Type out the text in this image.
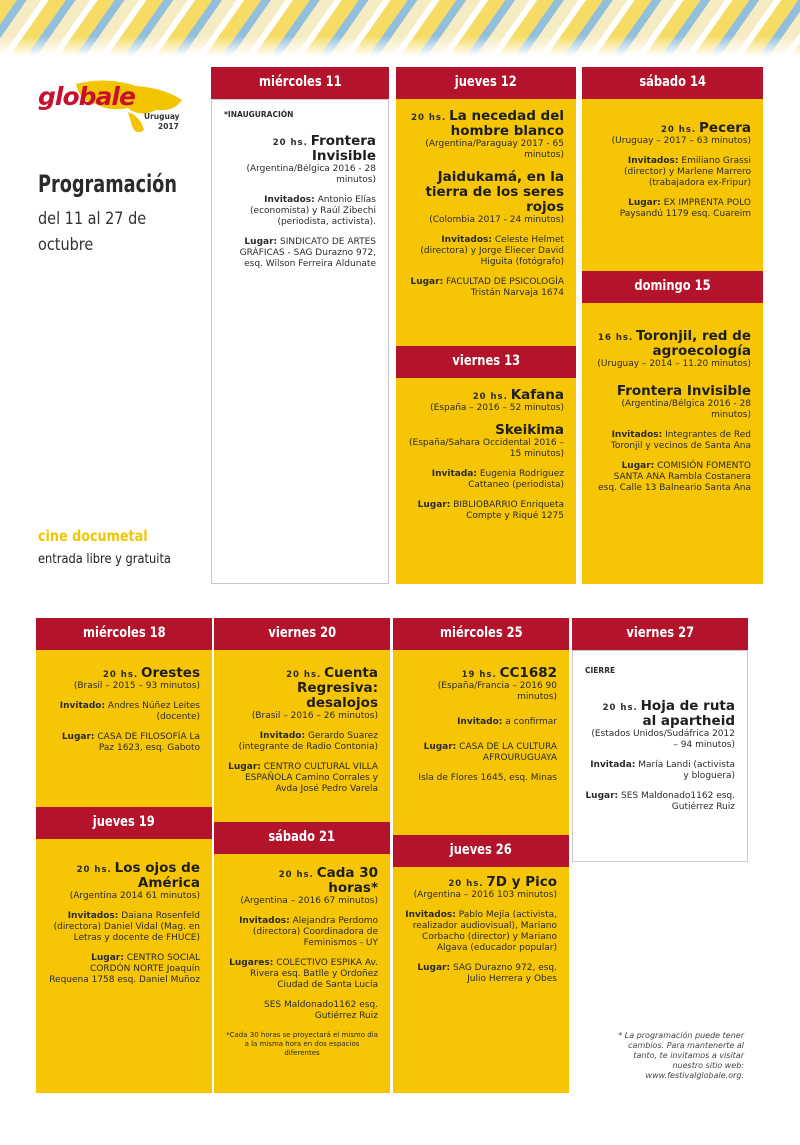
globale
Uruguay
2017
Programación
del 11 al 27 de octubre
cine documetal
entrada libre y gratuita
miércoles 11
*INAUGURACIÓN
20 hs. Frontera Invisible
(Argentina/Bélgica 2016 - 28 minutos)
Invitados: Antonio Elías (economista) y Raúl Zibechi (periodista, activista).
Lugar: SINDICATO DE ARTES GRÁFICAS - SAG Durazno 972, esq. Wilson Ferreira Aldunate
jueves 12
20 hs. La necedad del hombre blanco
(Argentina/Paraguay 2017 - 65 minutos)
Jaidukamá, en la tierra de los seres rojos
(Colombia 2017 - 24 minutos)
Invitados: Celeste Helmet (directora) y Jorge Eliecer David Higuita (fotógrafo)
Lugar: FACULTAD DE PSICOLOGÍA Tristán Narvaja 1674
viernes 13
20 hs. Kafana
(España – 2016 – 52 minutos)
Skeikima
(España/Sahara Occidental 2016 – 15 minutos)
Invitada: Eugenia Rodriguez Cattaneo (periodista)
Lugar: BIBLIOBARRIO Enriqueta Compte y Riqué 1275
sábado 14
20 hs. Pecera
(Uruguay – 2017 – 63 minutos)
Invitados: Emiliano Grassi (director) y Marlene Marrero (trabajadora ex-Fripur)
Lugar: EX IMPRENTA POLO Paysandú 1179 esq. Cuareim
domingo 15
16 hs. Toronjil, red de agroecología
(Uruguay – 2014 – 11.20 minutos)
Frontera Invisible
(Argentina/Bélgica 2016 - 28 minutos)
Invitados: Integrantes de Red Toronjil y vecinos de Santa Ana
Lugar: COMISIÓN FOMENTO SANTA ANA Rambla Costanera esq. Calle 13 Balneario Santa Ana
miércoles 18
20 hs. Orestes
(Brasil – 2015 – 93 minutos)
Invitado: Andres Núñez Leites (docente)
Lugar: CASA DE FILOSOFÍA La Paz 1623, esq. Gaboto
jueves 19
20 hs. Los ojos de América
(Argentina 2014 61 minutos)
Invitados: Daiana Rosenfeld (directora) Daniel Vidal (Mag. en Letras y docente de FHUCE)
Lugar: CENTRO SOCIAL CORDÓN NORTE Joaquín Requena 1758 esq. Daniel Muñoz
viernes 20
20 hs. Cuenta Regresiva: desalojos
(Brasil – 2016 – 26 minutos)
Invitado: Gerardo Suarez (integrante de Radio Contonia)
Lugar: CENTRO CULTURAL VILLA ESPAÑOLA Camino Corrales y Avda José Pedro Varela
sábado 21
20 hs. Cada 30 horas*
(Argentina – 2016 67 minutos)
Invitados: Alejandra Perdomo (directora) Coordinadora de Feminismos - UY
Lugares: COLECTIVO ESPIKA Av. Rivera esq. Batlle y Ordoñez Ciudad de Santa Lucía
SES Maldonado1162 esq. Gutiérrez Ruiz
*Cada 30 horas se proyectará el mismo día a la misma hora en dos espacios diferentes
miércoles 25
19 hs. CC1682
(España/Francia – 2016 90 minutos)
Invitado: a confirmar
Lugar: CASA DE LA CULTURA AFROURUGUAYA
Isla de Flores 1645, esq. Minas
jueves 26
20 hs. 7D y Pico
(Argentina – 2016 103 minutos)
Invitados: Pablo Mejía (activista, realizador audiovisual), Mariano Corbacho (director) y Mariano Algava (educador popular)
Lugar: SAG Durazno 972, esq. Julio Herrera y Obes
viernes 27
CIERRE
20 hs. Hoja de ruta al apartheid
(Estados Unidos/Sudáfrica 2012 – 94 minutos)
Invitada: María Landi (activista y bloguera)
Lugar: SES Maldonado1162 esq. Gutiérrez Ruiz
* La programación puede tener cambios. Para mantenerte al tanto, te invitamos a visitar nuestro sitio web: www.festivalglobale.org.
